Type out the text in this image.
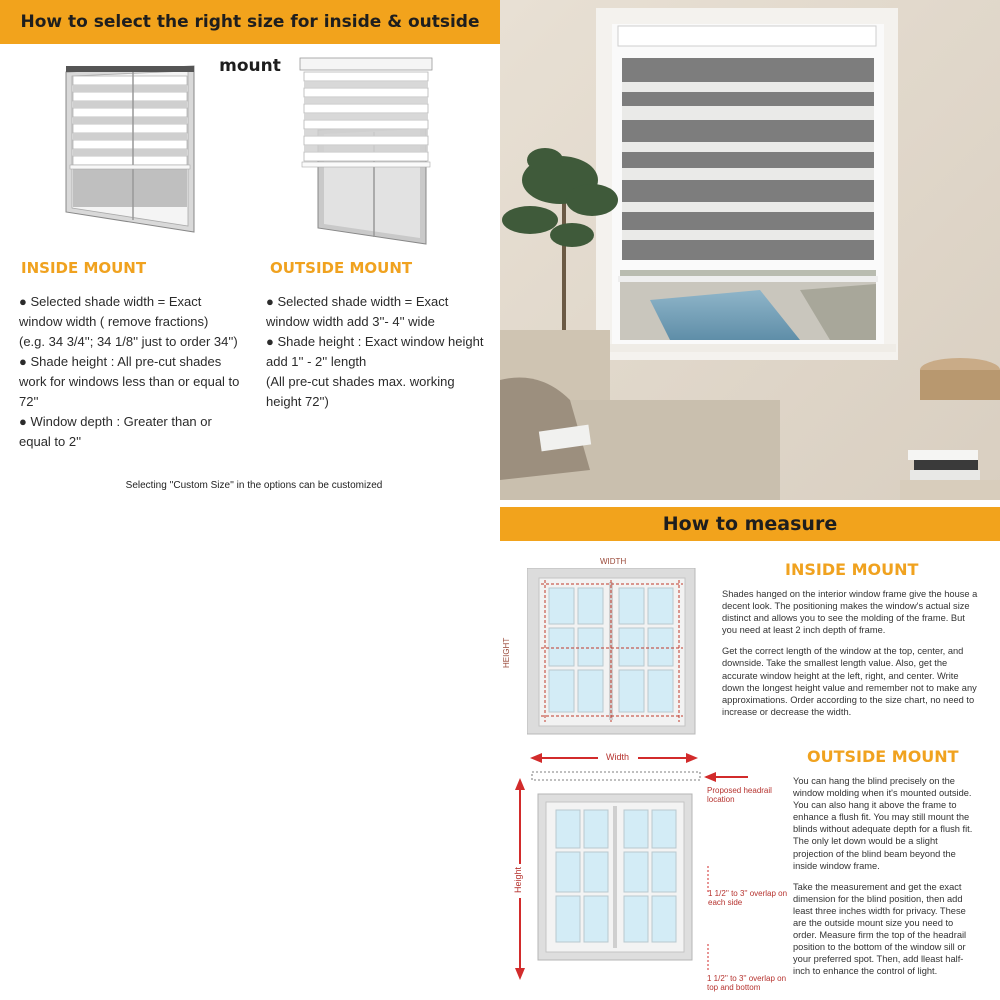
How to select the right size for inside & outside mount
INSIDE MOUNT

● Selected shade width = Exact

window width ( remove fractions)

(e.g. 34 3/4''; 34 1/8'' just to order 34'')

● Shade height : All pre-cut shades

work for windows less than or equal to

72''

● Window depth : Greater than or

equal to 2''

OUTSIDE MOUNT

● Selected shade width = Exact

window width add 3''- 4'' wide

● Shade height : Exact window height

add 1'' - 2'' length

(All pre-cut shades max. working

height 72'')

Selecting ''Custom Size'' in the options can be customized
How to measure
WIDTH
HEIGHT
INSIDE MOUNT

Shades hanged on the interior window frame give the house a decent look. The positioning makes the window's actual size distinct and allows you to see the molding of the frame. But you need at least 2 inch depth of frame.

Get the correct length of the window at the top, center, and downside. Take the smallest length value. Also, get the accurate window height at the left, right, and center. Write down the longest height value and remember not to make any approximations. Order according to the size chart, no need to increase or decrease the width.

Width
Height
Proposed headrail location
1 1/2'' to 3'' overlap on each side
1 1/2'' to 3'' overlap on top and bottom
OUTSIDE MOUNT

You can hang the blind precisely on the window molding when it's mounted outside. You can also hang it above the frame to enhance a flush fit. You may still mount the blinds without adequate depth for a flush fit. The only let down would be a slight projection of the blind beam beyond the inside window frame.

Take the measurement and get the exact dimension for the blind position, then add least three inches width for privacy. These are the outside mount size you need to order. Measure firm the top of the headrail position to the bottom of the window sill or your preferred spot. Then, add lleast half-inch to enhance the control of light.
